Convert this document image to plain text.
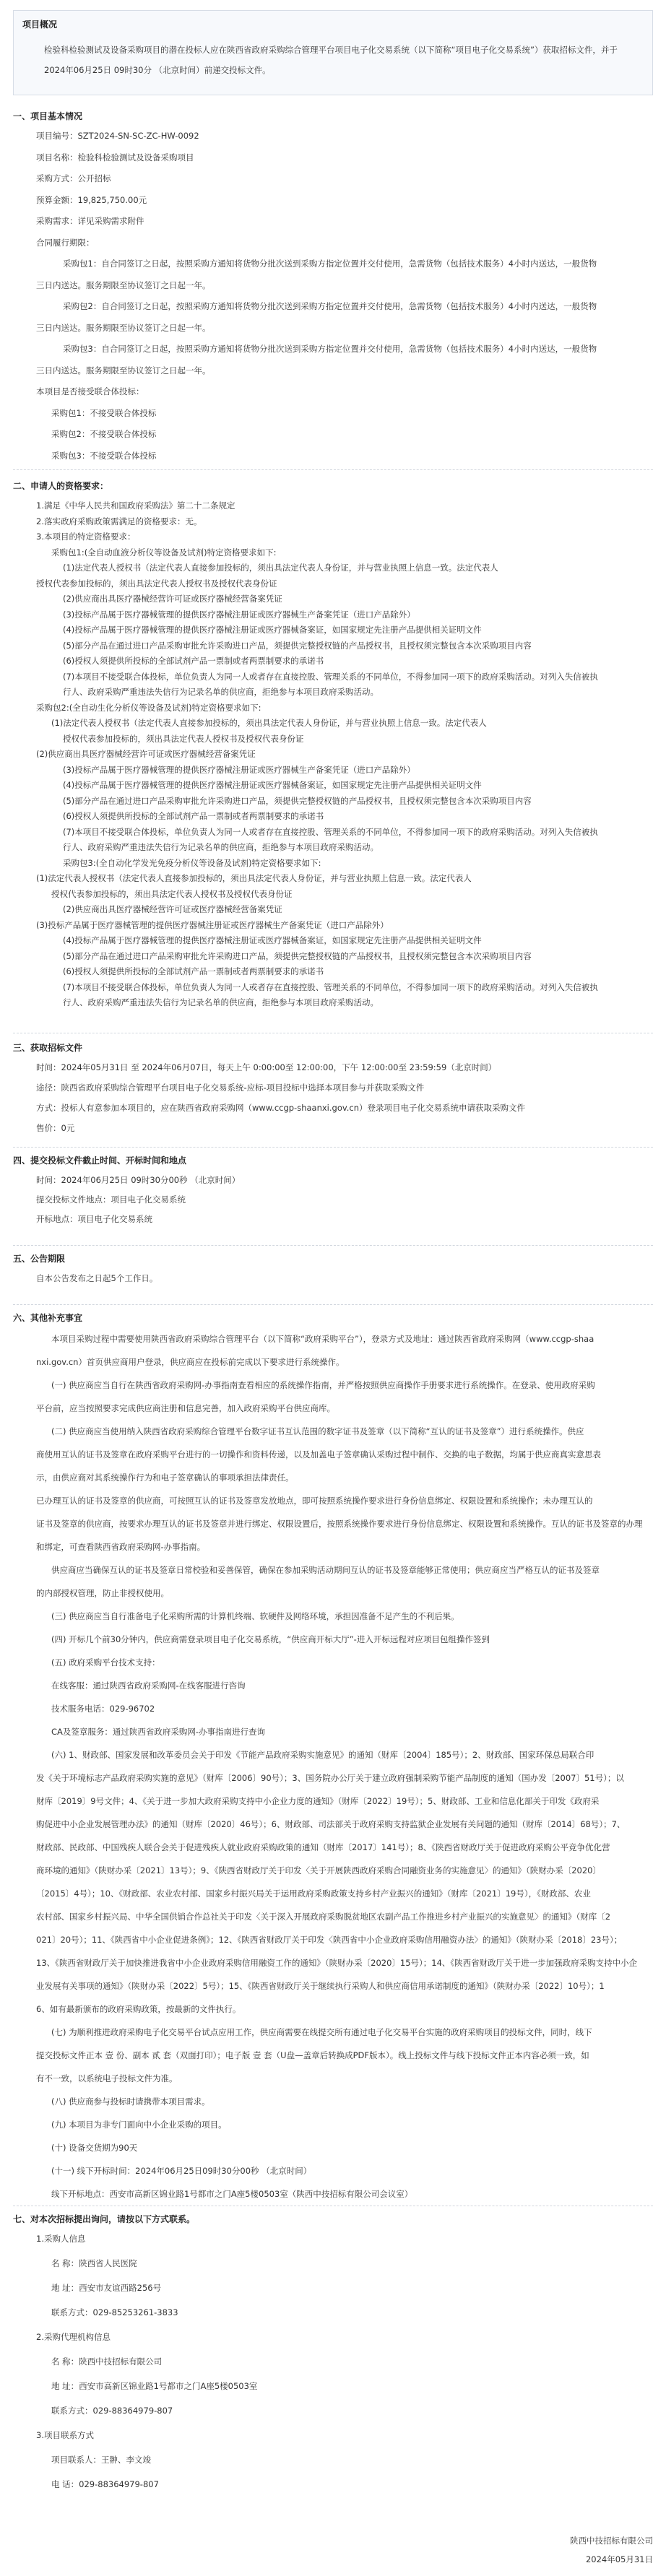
项目概况
检验科检验测试及设备采购项目的潜在投标人应在陕西省政府采购综合管理平台项目电子化交易系统（以下简称“项目电子化交易系统”）获取招标文件，并于 2024年06月25日 09时30分 （北京时间）前递交投标文件。
一、项目基本情况
项目编号：SZT2024-SN-SC-ZC-HW-0092
项目名称：检验科检验测试及设备采购项目
采购方式：公开招标
预算金额：19,825,750.00元
采购需求：详见采购需求附件
合同履行期限：
采购包1：自合同签订之日起，按照采购方通知将货物分批次送到采购方指定位置并交付使用，急需货物（包括技术服务）4小时内送达，一般货物
三日内送达。服务期限至协议签订之日起一年。
采购包2：自合同签订之日起，按照采购方通知将货物分批次送到采购方指定位置并交付使用，急需货物（包括技术服务）4小时内送达，一般货物
三日内送达。服务期限至协议签订之日起一年。
采购包3：自合同签订之日起，按照采购方通知将货物分批次送到采购方指定位置并交付使用，急需货物（包括技术服务）4小时内送达，一般货物
三日内送达。服务期限至协议签订之日起一年。
本项目是否接受联合体投标：
采购包1：不接受联合体投标
采购包2：不接受联合体投标
采购包3：不接受联合体投标
二、申请人的资格要求：
1.满足《中华人民共和国政府采购法》第二十二条规定
2.落实政府采购政策需满足的资格要求：无。
3.本项目的特定资格要求：
采购包1:(全自动血液分析仪等设备及试剂)特定资格要求如下:
(1)法定代表人授权书（法定代表人直接参加投标的，须出具法定代表人身份证，并与营业执照上信息一致。法定代表人
授权代表参加投标的，须出具法定代表人授权书及授权代表身份证
(2)供应商出具医疗器械经营许可证或医疗器械经营备案凭证
(3)投标产品属于医疗器械管理的提供医疗器械注册证或医疗器械生产备案凭证（进口产品除外）
(4)投标产品属于医疗器械管理的提供医疗器械注册证或医疗器械备案证，如国家规定先注册产品提供相关证明文件
(5)部分产品在通过进口产品采购审批允许采购进口产品，须提供完整授权链的产品授权书，且授权须完整包含本次采购项目内容
(6)授权人须提供所投标的全部试剂产品一票制或者两票制要求的承诺书
(7)本项目不接受联合体投标，单位负责人为同一人或者存在直接控股、管理关系的不同单位，不得参加同一项下的政府采购活动。对列入失信被执
行人、政府采购严重违法失信行为记录名单的供应商，拒绝参与本项目政府采购活动。
采购包2:(全自动生化分析仪等设备及试剂)特定资格要求如下:
(1)法定代表人授权书（法定代表人直接参加投标的，须出具法定代表人身份证，并与营业执照上信息一致。法定代表人
授权代表参加投标的，须出具法定代表人授权书及授权代表身份证
(2)供应商出具医疗器械经营许可证或医疗器械经营备案凭证
(3)投标产品属于医疗器械管理的提供医疗器械注册证或医疗器械生产备案凭证（进口产品除外）
(4)投标产品属于医疗器械管理的提供医疗器械注册证或医疗器械备案证，如国家规定先注册产品提供相关证明文件
(5)部分产品在通过进口产品采购审批允许采购进口产品，须提供完整授权链的产品授权书，且授权须完整包含本次采购项目内容
(6)授权人须提供所投标的全部试剂产品一票制或者两票制要求的承诺书
(7)本项目不接受联合体投标，单位负责人为同一人或者存在直接控股、管理关系的不同单位，不得参加同一项下的政府采购活动。对列入失信被执
行人、政府采购严重违法失信行为记录名单的供应商，拒绝参与本项目政府采购活动。
采购包3:(全自动化学发光免疫分析仪等设备及试剂)特定资格要求如下:
(1)法定代表人授权书（法定代表人直接参加投标的，须出具法定代表人身份证，并与营业执照上信息一致。法定代表人
授权代表参加投标的，须出具法定代表人授权书及授权代表身份证
(2)供应商出具医疗器械经营许可证或医疗器械经营备案凭证
(3)投标产品属于医疗器械管理的提供医疗器械注册证或医疗器械生产备案凭证（进口产品除外）
(4)投标产品属于医疗器械管理的提供医疗器械注册证或医疗器械备案证，如国家规定先注册产品提供相关证明文件
(5)部分产品在通过进口产品采购审批允许采购进口产品，须提供完整授权链的产品授权书，且授权须完整包含本次采购项目内容
(6)授权人须提供所投标的全部试剂产品一票制或者两票制要求的承诺书
(7)本项目不接受联合体投标，单位负责人为同一人或者存在直接控股、管理关系的不同单位，不得参加同一项下的政府采购活动。对列入失信被执
行人、政府采购严重违法失信行为记录名单的供应商，拒绝参与本项目政府采购活动。
三、获取招标文件
时间：2024年05月31日 至 2024年06月07日，每天上午 0:00:00至 12:00:00，下午 12:00:00至 23:59:59（北京时间）
途径：陕西省政府采购综合管理平台项目电子化交易系统-应标-项目投标中选择本项目参与并获取采购文件
方式：投标人有意参加本项目的，应在陕西省政府采购网（www.ccgp-shaanxi.gov.cn）登录项目电子化交易系统申请获取采购文件
售价：0元
四、提交投标文件截止时间、开标时间和地点
时间：2024年06月25日 09时30分00秒 （北京时间）
提交投标文件地点：项目电子化交易系统
开标地点：项目电子化交易系统
五、公告期限
自本公告发布之日起5个工作日。
六、其他补充事宜
本项目采购过程中需要使用陕西省政府采购综合管理平台（以下简称“政府采购平台”），登录方式及地址：通过陕西省政府采购网（www.ccgp-shaa
nxi.gov.cn）首页供应商用户登录，供应商应在投标前完成以下要求进行系统操作。
(一) 供应商应当自行在陕西省政府采购网-办事指南查看相应的系统操作指南，并严格按照供应商操作手册要求进行系统操作。在登录、使用政府采购
平台前，应当按照要求完成供应商注册和信息完善，加入政府采购平台供应商库。
(二) 供应商应当使用纳入陕西省政府采购综合管理平台数字证书互认范围的数字证书及签章（以下简称“互认的证书及签章”）进行系统操作。供应
商使用互认的证书及签章在政府采购平台进行的一切操作和资料传递，以及加盖电子签章确认采购过程中制作、交换的电子数据，均属于供应商真实意思表
示，由供应商对其系统操作行为和电子签章确认的事项承担法律责任。
已办理互认的证书及签章的供应商，可按照互认的证书及签章发放地点，即可按照系统操作要求进行身份信息绑定、权限设置和系统操作；未办理互认的
证书及签章的供应商，按要求办理互认的证书及签章并进行绑定、权限设置后，按照系统操作要求进行身份信息绑定、权限设置和系统操作。互认的证书及签章的办理
和绑定，可查看陕西省政府采购网-办事指南。
供应商应当确保互认的证书及签章日常校验和妥善保管，确保在参加采购活动期间互认的证书及签章能够正常使用；供应商应当严格互认的证书及签章
的内部授权管理，防止非授权使用。
(三) 供应商应当自行准备电子化采购所需的计算机终端、软硬件及网络环境，承担因准备不足产生的不利后果。
(四) 开标几个前30分钟内，供应商需登录项目电子化交易系统，“供应商开标大厅”-进入开标远程对应项目包组操作签到
(五) 政府采购平台技术支持：
在线客服：通过陕西省政府采购网-在线客服进行咨询
技术服务电话：029-96702
CA及签章服务：通过陕西省政府采购网-办事指南进行查询
(六) 1、财政部、国家发展和改革委员会关于印发《节能产品政府采购实施意见》的通知（财库〔2004〕185号）；2、财政部、国家环保总局联合印
发《关于环境标志产品政府采购实施的意见》（财库〔2006〕90号）；3、国务院办公厅关于建立政府强制采购节能产品制度的通知（国办发〔2007〕51号）；以
财库〔2019〕9号文件；4、《关于进一步加大政府采购支持中小企业力度的通知》（财库〔2022〕19号）；5、财政部、工业和信息化部关于印发《政府采
购促进中小企业发展管理办法》的通知（财库〔2020〕46号）；6、财政部、司法部关于政府采购支持监狱企业发展有关问题的通知（财库〔2014〕68号）；7、
财政部、民政部、中国残疾人联合会关于促进残疾人就业政府采购政策的通知（财库〔2017〕141号）；8、《陕西省财政厅关于促进政府采购公平竞争优化营
商环境的通知》（陕财办采〔2021〕13号）；9、《陕西省财政厅关于印发〈关于开展陕西政府采购合同融资业务的实施意见〉的通知》（陕财办采〔2020〕
〔2015〕4号）；10、《财政部、农业农村部、国家乡村振兴局关于运用政府采购政策支持乡村产业振兴的通知》（财库〔2021〕19号），《财政部、农业
农村部、国家乡村振兴局、中华全国供销合作总社关于印发〈关于深入开展政府采购脱贫地区农副产品工作推进乡村产业振兴的实施意见〉的通知》（财库〔2
021〕20号）；11、《陕西省中小企业促进条例》；12、《陕西省财政厅关于印发〈陕西省中小企业政府采购信用融资办法〉的通知》（陕财办采〔2018〕23号）；
13、《陕西省财政厅关于加快推进我省中小企业政府采购信用融资工作的通知》（陕财办采〔2020〕15号）；14、《陕西省财政厅关于进一步加强政府采购支持中小企
业发展有关事项的通知》（陕财办采〔2022〕5号）；15、《陕西省财政厅关于继续执行采购人和供应商信用承诺制度的通知》（陕财办采〔2022〕10号）；1
6、如有最新颁布的政府采购政策，按最新的文件执行。
(七) 为顺利推进政府采购电子化交易平台试点应用工作，供应商需要在线提交所有通过电子化交易平台实施的政府采购项目的投标文件，同时，线下
提交投标文件正本 壹 份、副本 贰 套（双面打印）；电子版 壹 套（U盘—盖章后转换成PDF版本）。线上投标文件与线下投标文件正本内容必须一致，如
有不一致，以系统电子投标文件为准。
(八) 供应商参与投标时请携带本项目需求。
(九) 本项目为非专门面向中小企业采购的项目。
(十) 设备交货期为90天
(十一) 线下开标时间：2024年06月25日09时30分00秒 （北京时间）
线下开标地点：西安市高新区锦业路1号都市之门A座5楼0503室（陕西中技招标有限公司会议室）
七、对本次招标提出询问，请按以下方式联系。
1.采购人信息
名 称：陕西省人民医院
地 址：西安市友谊西路256号
联系方式：029-85253261-3833
2.采购代理机构信息
名 称：陕西中技招标有限公司
地 址：西安市高新区锦业路1号都市之门A座5楼0503室
联系方式：029-88364979-807
3.项目联系方式
项目联系人：王翀、李文竣
电 话：029-88364979-807
陕西中技招标有限公司
2024年05月31日
